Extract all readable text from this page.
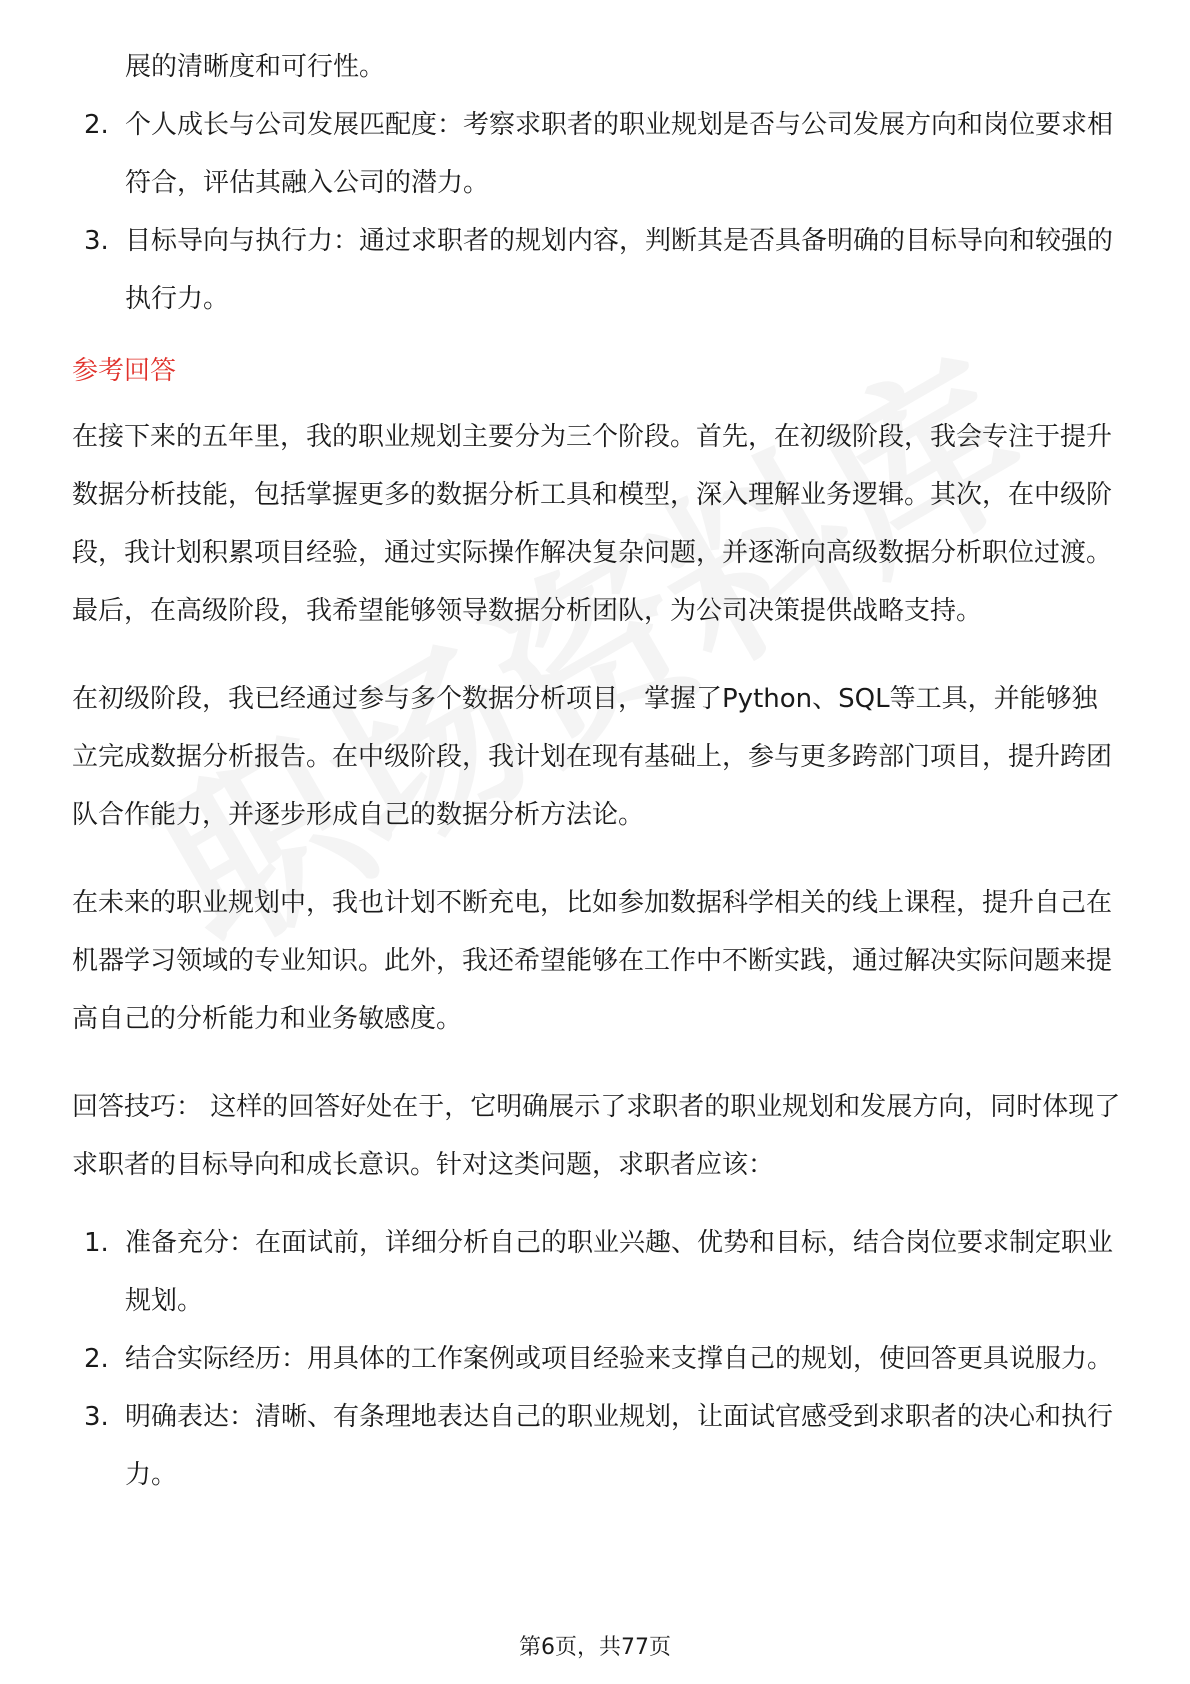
展的清晰度和可行性。
2. 个人成长与公司发展匹配度：考察求职者的职业规划是否与公司发展方向和岗位要求相符合，评估其融入公司的潜力。
3. 目标导向与执行力：通过求职者的规划内容，判断其是否具备明确的目标导向和较强的执行力。
参考回答

在接下来的五年里，我的职业规划主要分为三个阶段。首先，在初级阶段，我会专注于提升数据分析技能，包括掌握更多的数据分析工具和模型，深入理解业务逻辑。其次，在中级阶段，我计划积累项目经验，通过实际操作解决复杂问题，并逐渐向高级数据分析职位过渡。最后，在高级阶段，我希望能够领导数据分析团队，为公司决策提供战略支持。

在初级阶段，我已经通过参与多个数据分析项目，掌握了Python、SQL等工具，并能够独立完成数据分析报告。在中级阶段，我计划在现有基础上，参与更多跨部门项目，提升跨团队合作能力，并逐步形成自己的数据分析方法论。

在未来的职业规划中，我也计划不断充电，比如参加数据科学相关的线上课程，提升自己在机器学习领域的专业知识。此外，我还希望能够在工作中不断实践，通过解决实际问题来提高自己的分析能力和业务敏感度。

回答技巧： 这样的回答好处在于，它明确展示了求职者的职业规划和发展方向，同时体现了求职者的目标导向和成长意识。针对这类问题，求职者应该：

1. 准备充分：在面试前，详细分析自己的职业兴趣、优势和目标，结合岗位要求制定职业规划。
2. 结合实际经历：用具体的工作案例或项目经验来支撑自己的规划，使回答更具说服力。
3. 明确表达：清晰、有条理地表达自己的职业规划，让面试官感受到求职者的决心和执行力。
第6页，共77页
